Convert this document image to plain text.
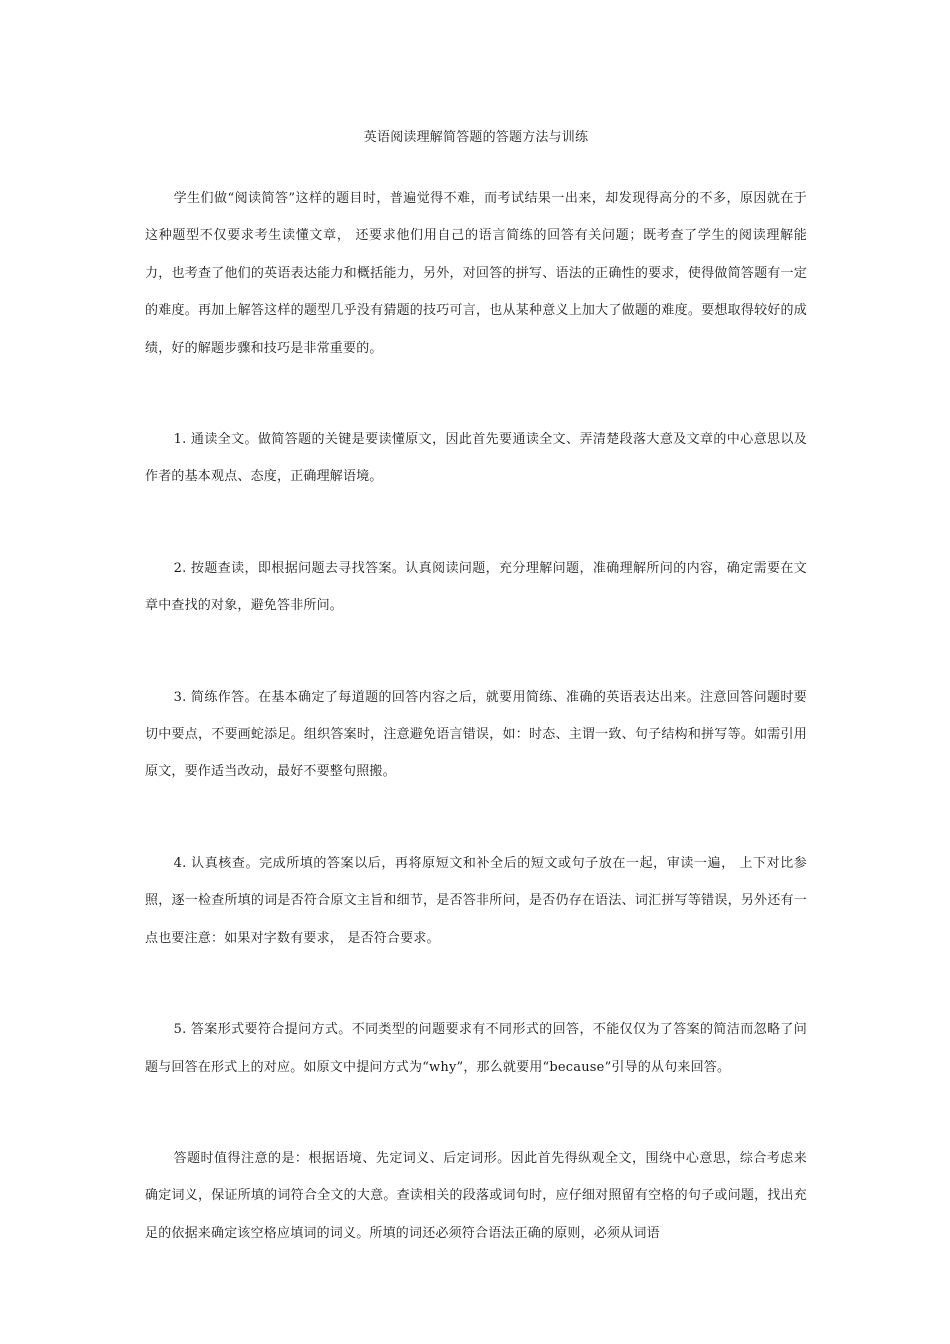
英语阅读理解简答题的答题方法与训练

学生们做“阅读简答”这样的题目时，普遍觉得不难，而考试结果一出来，却发现得高分的不多，原因就在于这种题型不仅要求考生读懂文章， 还要求他们用自己的语言简练的回答有关问题；既考查了学生的阅读理解能力，也考查了他们的英语表达能力和概括能力，另外，对回答的拼写、语法的正确性的要求，使得做简答题有一定的难度。再加上解答这样的题型几乎没有猜题的技巧可言，也从某种意义上加大了做题的难度。要想取得较好的成绩，好的解题步骤和技巧是非常重要的。

1. 通读全文。做简答题的关键是要读懂原文，因此首先要通读全文、弄清楚段落大意及文章的中心意思以及作者的基本观点、态度，正确理解语境。

2. 按题查读，即根据问题去寻找答案。认真阅读问题，充分理解问题，准确理解所问的内容，确定需要在文章中查找的对象，避免答非所问。

3. 简练作答。在基本确定了每道题的回答内容之后，就要用简练、准确的英语表达出来。注意回答问题时要切中要点，不要画蛇添足。组织答案时，注意避免语言错误，如：时态、主谓一致、句子结构和拼写等。如需引用原文，要作适当改动，最好不要整句照搬。

4. 认真核查。完成所填的答案以后，再将原短文和补全后的短文或句子放在一起，审读一遍， 上下对比参照，逐一检查所填的词是否符合原文主旨和细节，是否答非所问，是否仍存在语法、词汇拼写等错误，另外还有一点也要注意：如果对字数有要求， 是否符合要求。

5. 答案形式要符合提问方式。不同类型的问题要求有不同形式的回答，不能仅仅为了答案的简洁而忽略了问题与回答在形式上的对应。如原文中提问方式为“why”，那么就要用“because”引导的从句来回答。

答题时值得注意的是：根据语境、先定词义、后定词形。因此首先得纵观全文，围绕中心意思，综合考虑来确定词义，保证所填的词符合全文的大意。查读相关的段落或词句时，应仔细对照留有空格的句子或问题，找出充足的依据来确定该空格应填词的词义。所填的词还必须符合语法正确的原则，必须从词语
